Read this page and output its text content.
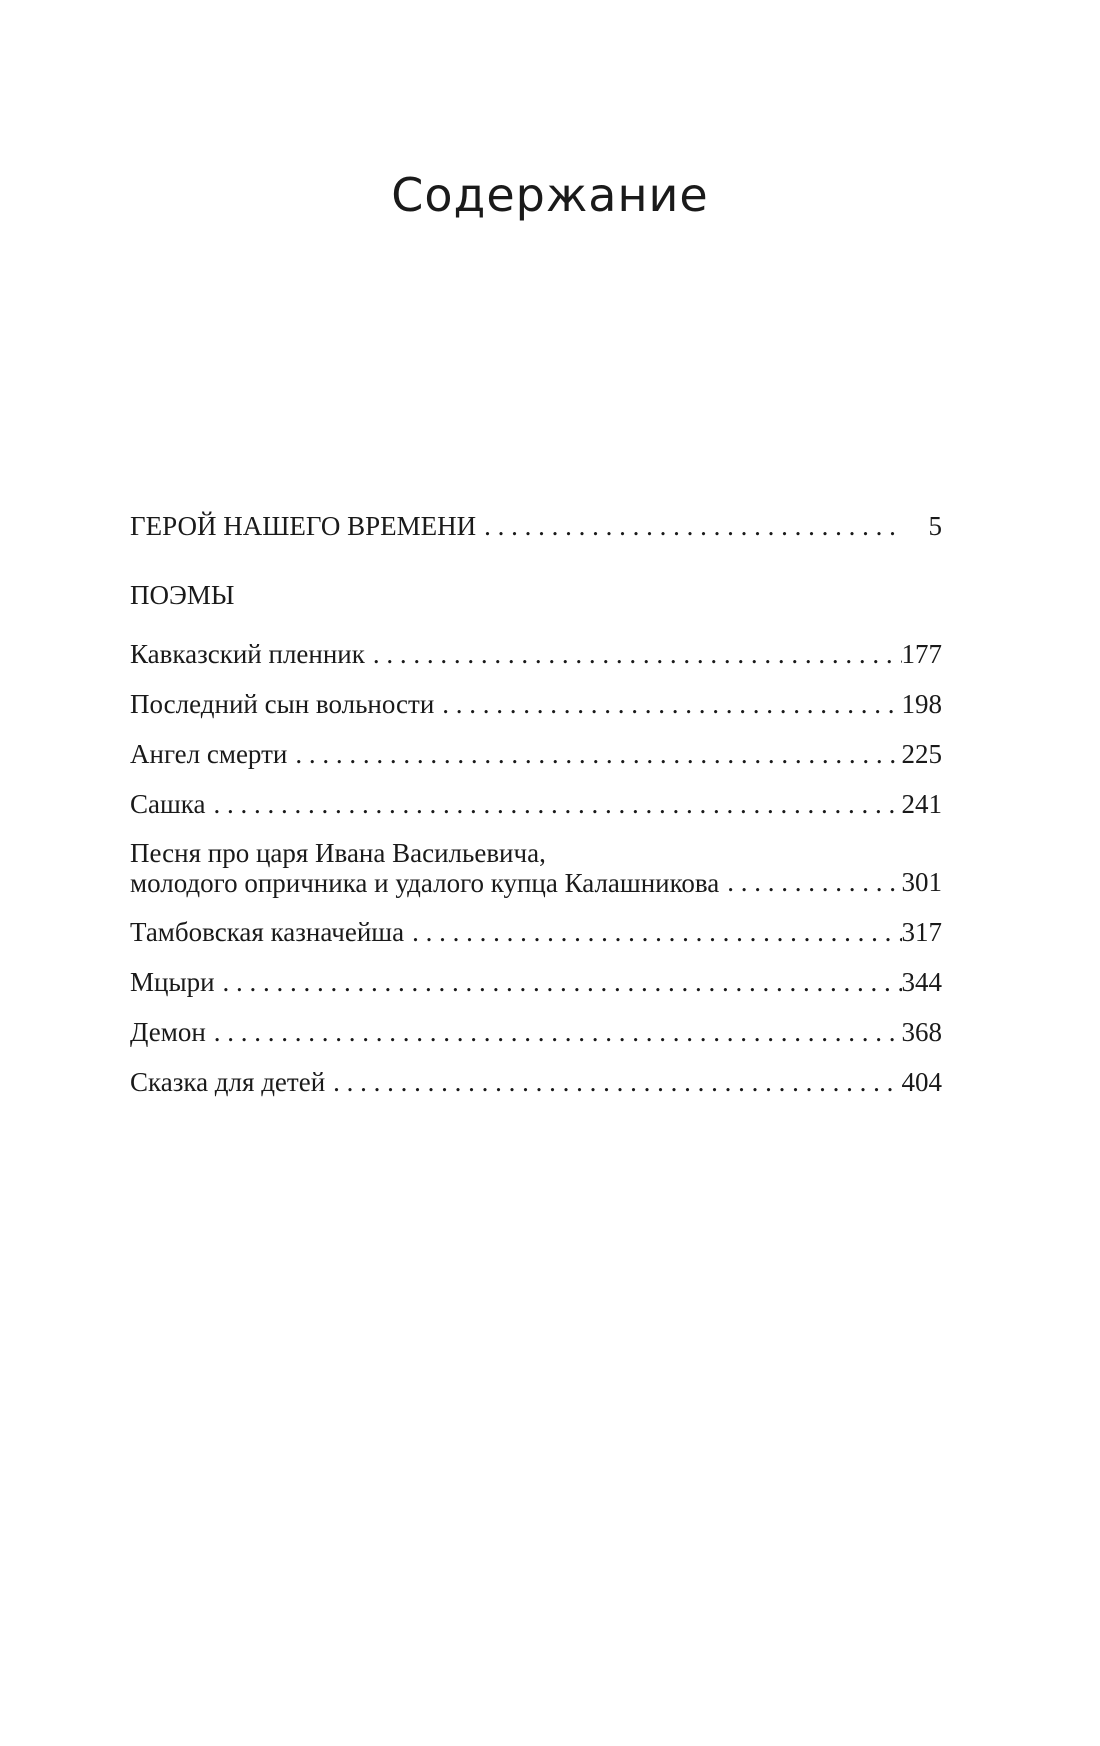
Содержание
ГЕРОЙ НАШЕГО ВРЕМЕНИ . . .	5

ПОЭМЫ

Кавказский пленник . . .	177
Последний сын вольности . . .	198
Ангел смерти . . .	225
Сашка . . .	241
Песня про царя Ивана Васильевича,
молодого опричника и удалого купца Калашникова . . .	301
Тамбовская казначейша . . .	317
Мцыри . . .	344
Демон . . .	368
Сказка для детей . . .	404
